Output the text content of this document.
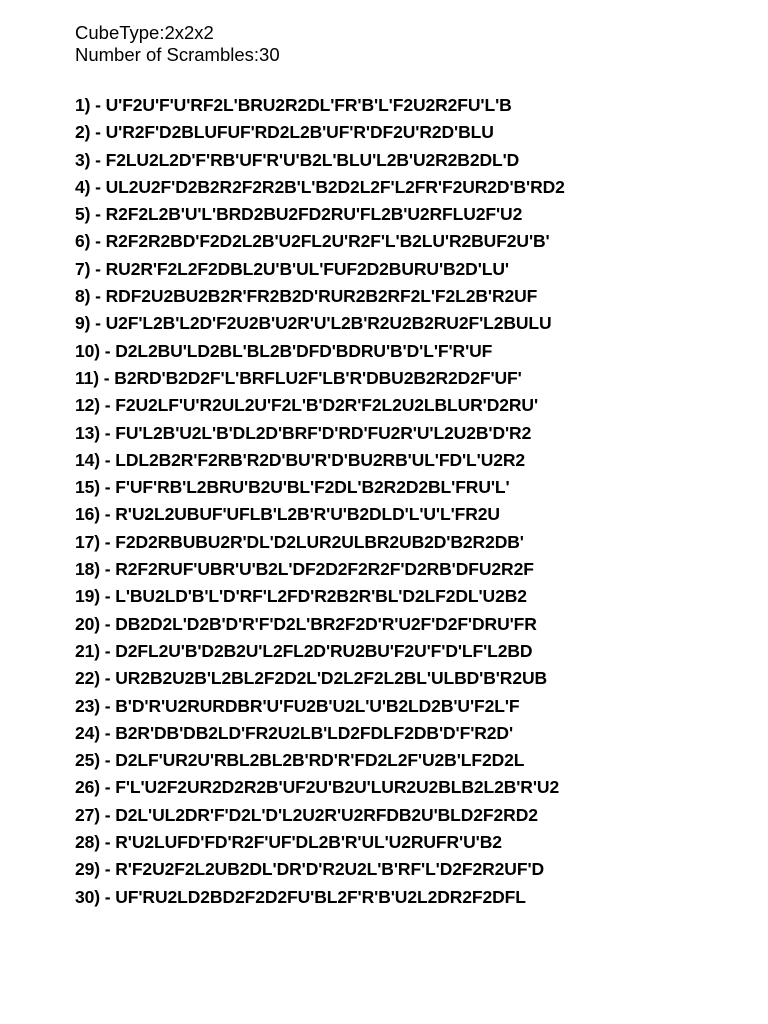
CubeType:2x2x2
Number of Scrambles:30
1) - U'F2U'F'U'RF2L'BRU2R2DL'FR'B'L'F2U2R2FU'L'B
2) - U'R2F'D2BLUFUF'RD2L2B'UF'R'DF2U'R2D'BLU
3) - F2LU2L2D'F'RB'UF'R'U'B2L'BLU'L2B'U2R2B2DL'D
4) - UL2U2F'D2B2R2F2R2B'L'B2D2L2F'L2FR'F2UR2D'B'RD2
5) - R2F2L2B'U'L'BRD2BU2FD2RU'FL2B'U2RFLU2F'U2
6) - R2F2R2BD'F2D2L2B'U2FL2U'R2F'L'B2LU'R2BUF2U'B'
7) - RU2R'F2L2F2DBL2U'B'UL'FUF2D2BURU'B2D'LU'
8) - RDF2U2BU2B2R'FR2B2D'RUR2B2RF2L'F2L2B'R2UF
9) - U2F'L2B'L2D'F2U2B'U2R'U'L2B'R2U2B2RU2F'L2BULU
10) - D2L2BU'LD2BL'BL2B'DFD'BDRU'B'D'L'F'R'UF
11) - B2RD'B2D2F'L'BRFLU2F'LB'R'DBU2B2R2D2F'UF'
12) - F2U2LF'U'R2UL2U'F2L'B'D2R'F2L2U2LBLUR'D2RU'
13) - FU'L2B'U2L'B'DL2D'BRF'D'RD'FU2R'U'L2U2B'D'R2
14) - LDL2B2R'F2RB'R2D'BU'R'D'BU2RB'UL'FD'L'U2R2
15) - F'UF'RB'L2BRU'B2U'BL'F2DL'B2R2D2BL'FRU'L'
16) - R'U2L2UBUF'UFLB'L2B'R'U'B2DLD'L'U'L'FR2U
17) - F2D2RBUBU2R'DL'D2LUR2ULBR2UB2D'B2R2DB'
18) - R2F2RUF'UBR'U'B2L'DF2D2F2R2F'D2RB'DFU2R2F
19) - L'BU2LD'B'L'D'RF'L2FD'R2B2R'BL'D2LF2DL'U2B2
20) - DB2D2L'D2B'D'R'F'D2L'BR2F2D'R'U2F'D2F'DRU'FR
21) - D2FL2U'B'D2B2U'L2FL2D'RU2BU'F2U'F'D'LF'L2BD
22) - UR2B2U2B'L2BL2F2D2L'D2L2F2L2BL'ULBD'B'R2UB
23) - B'D'R'U2RURDBR'U'FU2B'U2L'U'B2LD2B'U'F2L'F
24) - B2R'DB'DB2LD'FR2U2LB'LD2FDLF2DB'D'F'R2D'
25) - D2LF'UR2U'RBL2BL2B'RD'R'FD2L2F'U2B'LF2D2L
26) - F'L'U2F2UR2D2R2B'UF2U'B2U'LUR2U2BLB2L2B'R'U2
27) - D2L'UL2DR'F'D2L'D'L2U2R'U2RFDB2U'BLD2F2RD2
28) - R'U2LUFD'FD'R2F'UF'DL2B'R'UL'U2RUFR'U'B2
29) - R'F2U2F2L2UB2DL'DR'D'R2U2L'B'RF'L'D2F2R2UF'D
30) - UF'RU2LD2BD2F2D2FU'BL2F'R'B'U2L2DR2F2DFL
